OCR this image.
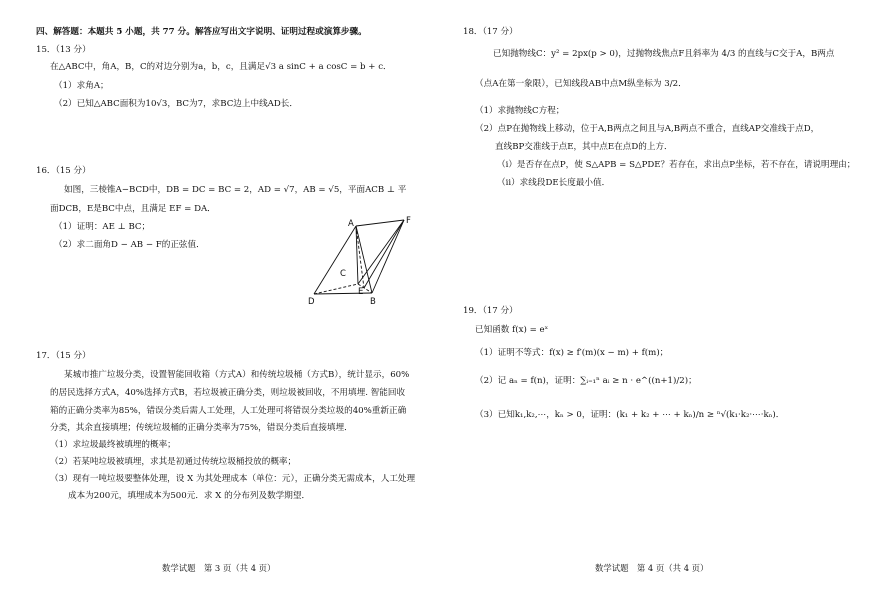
四、解答题：本题共 5 小题，共 77 分。解答应写出文字说明、证明过程或演算步骤。
15．（13 分）
在△ABC中，角A，B，C的对边分别为a，b，c，且满足√3 a sinC + a cosC = b + c．
（1）求角A；
（2）已知△ABC面积为10√3，BC为7，求BC边上中线AD长．
16．（15 分）
如图，三棱锥A−BCD中，DB = DC = BC = 2，AD = √7，AB = √5，平面ACB ⊥ 平
面DCB，E是BC中点，且满足 EF = DA．
（1）证明：AE ⊥ BC；
（2）求二面角D − AB − F的正弦值．
A	F
C
D
E
B
17．（15 分）
某城市推广垃圾分类，设置智能回收箱（方式A）和传统垃圾桶（方式B），统计显示，60%
的居民选择方式A，40%选择方式B，若垃圾被正确分类，则垃圾被回收，不用填埋. 智能回收
箱的正确分类率为85%，错误分类后需人工处理，人工处理可将错误分类垃圾的40%重新正确
分类，其余直接填埋；传统垃圾桶的正确分类率为75%，错误分类后直接填埋．
（1）求垃圾最终被填埋的概率；
（2）若某吨垃圾被填埋，求其是初通过传统垃圾桶投放的概率；
（3）现有一吨垃圾要整体处理，设 X 为其处理成本（单位：元），正确分类无需成本，人工处理
成本为200元，填埋成本为500元．求 X 的分布列及数学期望．
数学试题　第 3 页（共 4 页）
18．（17 分）
已知抛物线C：y² = 2px(p > 0)，过抛物线焦点F且斜率为 4/3 的直线与C交于A，B两点
（点A在第一象限），已知线段AB中点M纵坐标为 3/2．
（1）求抛物线C方程；
（2）点P在抛物线上移动，位于A,B两点之间且与A,B两点不重合，直线AP交准线于点D，
直线BP交准线于点E，其中点E在点D的上方．
（i）是否存在点P，使 S△APB = S△PDE？若存在，求出点P坐标，若不存在，请说明理由；
（ii）求线段DE长度最小值．
19．（17 分）
已知函数 f(x) = eˣ
（1）证明不等式：f(x) ≥ f′(m)(x − m) + f(m)；
（2）记 aₙ = f(n)，证明：∑ᵢ₌₁ⁿ aᵢ ≥ n · e^((n+1)/2)；
（3）已知k₁,k₂,⋯，kₙ > 0，证明：(k₁ + k₂ + ⋯ + kₙ)/n ≥ ⁿ√(k₁·k₂·⋯·kₙ)．
数学试题　第 4 页（共 4 页）
